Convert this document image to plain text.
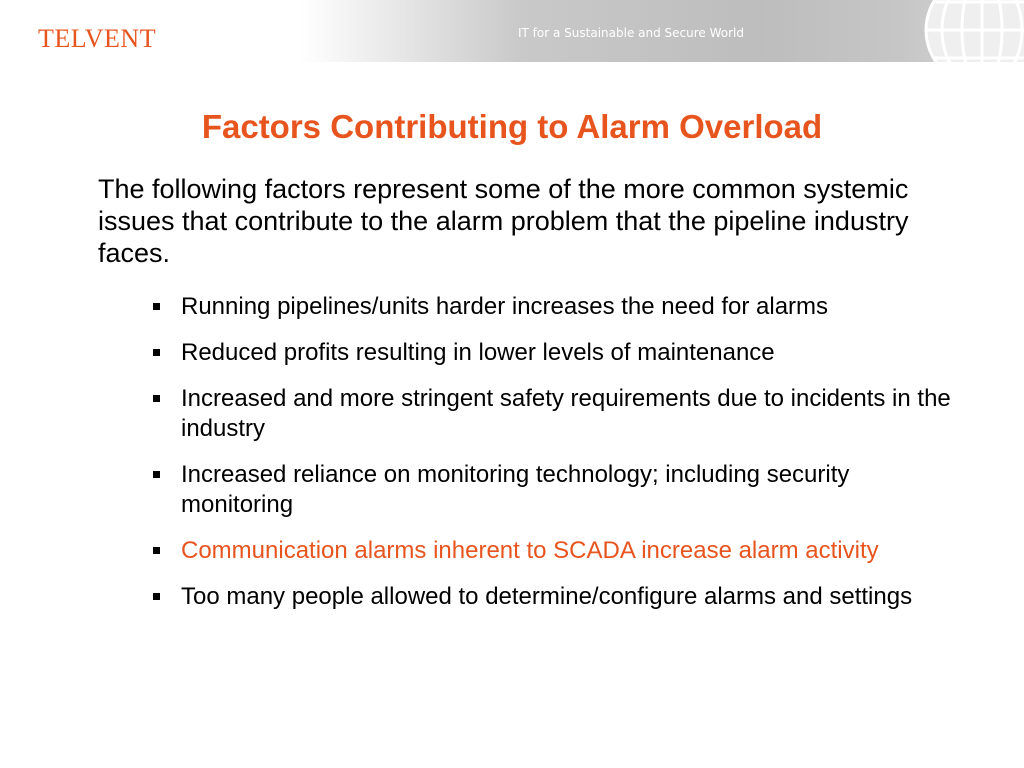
TELVENT	IT for a Sustainable and Secure World
Factors Contributing to Alarm Overload
The following factors represent some of the more common systemic issues that contribute to the alarm problem that the pipeline industry faces.
Running pipelines/units harder increases the need for alarms
Reduced profits resulting in lower levels of maintenance
Increased and more stringent safety requirements due to incidents in the industry
Increased reliance on monitoring technology; including security monitoring
Communication alarms inherent to SCADA increase alarm activity
Too many people allowed to determine/configure alarms and settings
